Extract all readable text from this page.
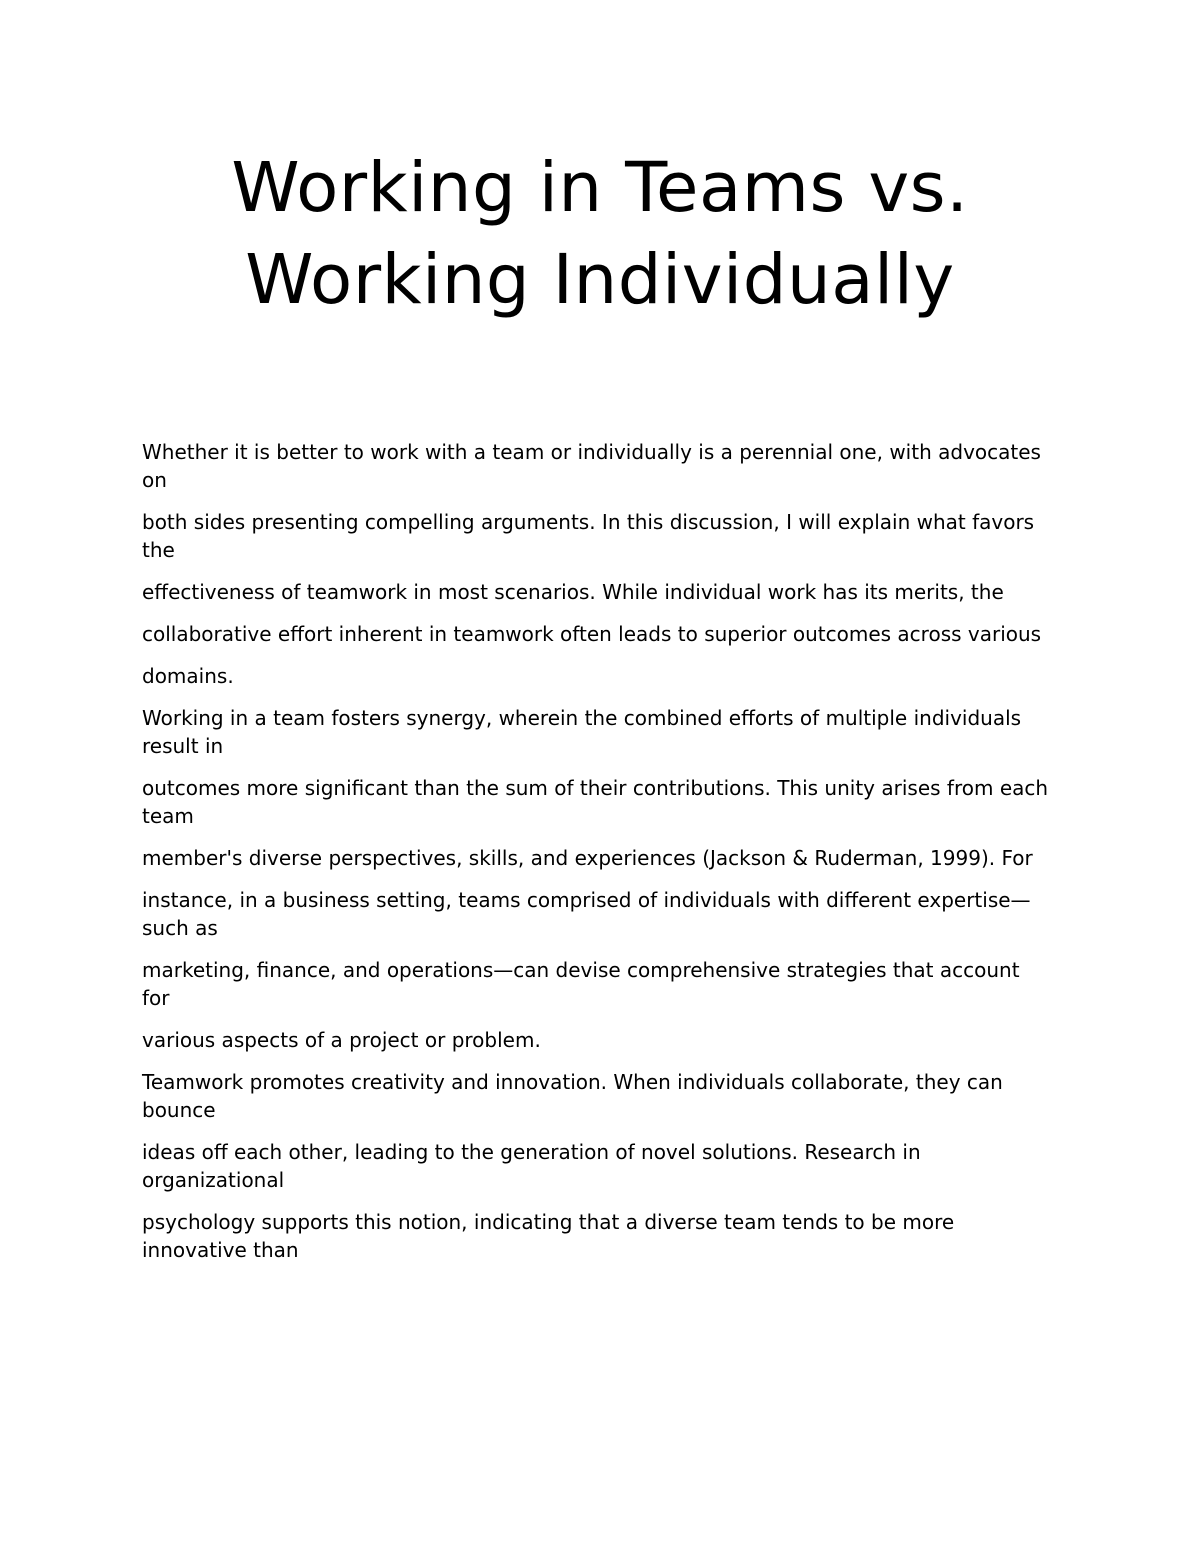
Working in Teams vs.
Working Individually

Whether it is better to work with a team or individually is a perennial one, with advocates on

both sides presenting compelling arguments. In this discussion, I will explain what favors the

effectiveness of teamwork in most scenarios. While individual work has its merits, the

collaborative effort inherent in teamwork often leads to superior outcomes across various

domains.

Working in a team fosters synergy, wherein the combined efforts of multiple individuals result in

outcomes more significant than the sum of their contributions. This unity arises from each team

member's diverse perspectives, skills, and experiences (Jackson & Ruderman, 1999). For

instance, in a business setting, teams comprised of individuals with different expertise—such as

marketing, finance, and operations—can devise comprehensive strategies that account for

various aspects of a project or problem.

Teamwork promotes creativity and innovation. When individuals collaborate, they can bounce

ideas off each other, leading to the generation of novel solutions. Research in organizational

psychology supports this notion, indicating that a diverse team tends to be more innovative than
